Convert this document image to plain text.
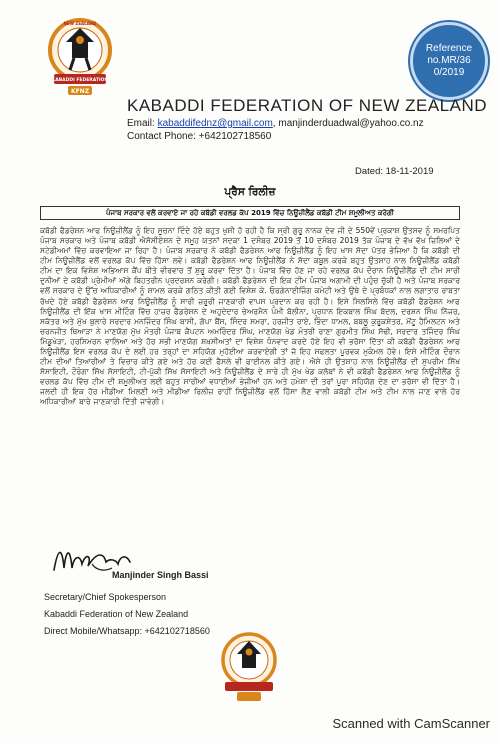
KABADDI FEDERATION
NEW ZEALAND
KFNZ
Reference
no.MR/36
0/2019
KABADDI FEDERATION OF NEW ZEALAND
Email: kabaddifednz@gmail.com, manjinderduadwal@yahoo.co.nz
Contact Phone: +642102718560
Dated: 18-11-2019
ਪ੍ਰੈਸ ਰਿਲੀਜ਼
ਪੰਜਾਬ ਸਰਕਾਰ ਵਲੋਂ ਕਰਵਾਏ ਜਾ ਰਹੇ ਕਬੱਡੀ ਵਰਲਡ ਕੱਪ 2019 ਵਿੱਚ ਨਿਊਜ਼ੀਲੈਂਡ ਕਬੱਡੀ ਟੀਮ ਸ਼ਮੂਲੀਅਤ ਕਰੇਗੀ
ਕਬੱਡੀ ਫੈਡਰੇਸ਼ਨ ਆਫ ਨਿਊਜ਼ੀਲੈਂਡ ਨੂੰ ਇਹ ਸੂਚਨਾ ਦਿੰਦੇ ਹੋਏ ਬਹੁਤ ਖੁਸ਼ੀ ਹੋ ਰਹੀ ਹੈ ਕਿ ਸ੍ਰੀ ਗੁਰੂ ਨਾਨਕ ਦੇਵ ਜੀ ਦੇ 550ਵੇਂ ਪ੍ਰਕਾਸ਼ ਉਤਸਵ ਨੂੰ ਸਮਰਪਿਤ ਪੰਜਾਬ ਸਰਕਾਰ ਅਤੇ ਪੰਜਾਬ ਕਬੱਡੀ ਐਸੋਸੀਏਸ਼ਨ ਦੇ ਸਮੂਹ ਯਤਨਾਂ ਸਦਕਾ 1 ਦਸੰਬਰ 2019 ਤੋਂ 10 ਦਸੰਬਰ 2019 ਤੱਕ ਪੰਜਾਬ ਦੇ ਵੱਖ ਵੱਖ ਜ਼ਿਲਿਆਂ ਦੇ ਸਟੇਡੀਅਮਾਂ ਵਿੱਚ ਕਰਵਾਇਆ ਜਾ ਰਿਹਾ ਹੈ। ਪੰਜਾਬ ਸਰਕਾਰ ਨੇ ਕਬੱਡੀ ਫੈਡਰੇਸ਼ਨ ਆਫ ਨਿਊਜ਼ੀਲੈਂਡ ਨੂੰ ਇਹ ਖਾਸ ਸੱਦਾ ਪੱਤਰ ਭੇਜਿਆ ਹੈ ਕਿ ਕਬੱਡੀ ਦੀ ਟੀਮ ਨਿਊਜ਼ੀਲੈਂਡ ਵਲੋਂ ਵਰਲਡ ਕੱਪ ਵਿੱਚ ਹਿੱਸਾ ਲਵੇ। ਕਬੱਡੀ ਫੈਡਰੇਸ਼ਨ ਆਫ ਨਿਊਜ਼ੀਲੈਂਡ ਨੇ ਸੱਦਾ ਕਬੂਲ ਕਰਕੇ ਬਹੁਤ ਉਤਸ਼ਾਹ ਨਾਲ ਨਿਊਜ਼ੀਲੈਂਡ ਕਬੱਡੀ ਟੀਮ ਦਾ ਇਕ ਵਿਸ਼ੇਸ਼ ਅਭਿਆਸ ਕੈਂਪ ਬੀਤੇ ਵੀਰਵਾਰ ਤੋਂ ਸ਼ੁਰੂ ਕਰਵਾ ਦਿੱਤਾ ਹੈ। ਪੰਜਾਬ ਵਿੱਚ ਹੋਣ ਜਾ ਰਹੇ ਵਰਲਡ ਕੱਪ ਦੌਰਾਨ ਨਿਊਜ਼ੀਲੈਂਡ ਦੀ ਟੀਮ ਸਾਰੀ ਦੁਨੀਆਂ ਦੇ ਕਬੱਡੀ ਪ੍ਰੇਮੀਆਂ ਅੱਗੇ ਬਿਹਤਰੀਨ ਪ੍ਰਦਰਸ਼ਨ ਕਰੇਗੀ। ਕਬੱਡੀ ਫੈਡਰੇਸ਼ਨ ਦੀ ਇਕ ਟੀਮ ਪੰਜਾਬ ਅਗਾਮੀ ਦੀ ਪਹੁੰਚ ਚੁੱਕੀ ਹੈ ਅਤੇ ਪੰਜਾਬ ਸਰਕਾਰ ਵਲੋਂ ਸਰਕਾਰ ਦੇ ਉੱਚ ਅਧਿਕਾਰੀਆਂ ਨੂੰ ਸ਼ਾਮਲ ਕਰਕੇ ਗਠਿਤ ਕੀਤੀ ਗਈ ਵਿਸ਼ੇਸ਼ ਕੇ. ਓਰਗੇਨਾਈਜ਼ਿੰਗ ਕਮੇਟੀ ਅਤੇ ਉਥੇ ਦੇ ਪ੍ਰਬੰਧਕਾਂ ਨਾਲ ਲਗਾਤਾਰ ਰਾਬਤਾ ਰੱਖਦੇ ਹੋਏ ਕਬੱਡੀ ਫੈਡਰੇਸ਼ਨ ਆਫ ਨਿਊਜ਼ੀਲੈਂਡ ਨੂੰ ਸਾਰੀ ਜ਼ਰੂਰੀ ਜਾਣਕਾਰੀ ਵਾਪਸ ਪ੍ਰਦਾਨ ਕਰ ਰਹੀ ਹੈ। ਇਸੇ ਸਿਲਸਿਲੇ ਵਿੱਚ ਕਬੱਡੀ ਫੈਡਰੇਸ਼ਨ ਆਫ ਨਿਊਜ਼ੀਲੈਂਡ ਦੀ ਇੱਕ ਖਾਸ ਮੀਟਿੰਗ ਵਿੱਚ ਹਾਜ਼ਰ ਫੈਡਰੇਸ਼ਨ ਦੇ ਅਹੁਦੇਦਾਰ ਚੇਅਰਮੈਨ ਪੰਮੀ ਬੋਲੀਨਾ, ਪ੍ਰਧਾਨ ਇਕਬਾਲ ਸਿੰਘ ਬੋਦਲ, ਦਰਸ਼ਨ ਸਿੰਘ ਨਿੱਜਰ, ਸਕੱਤਰ ਅਤੇ ਮੁੱਖ ਬੁਲਾਰੇ ਸਰਦਾਰ ਮਨਜਿੰਦਰ ਸਿੰਘ ਬਾਸੀ, ਗੋਪਾ ਬੈਂਸ, ਸਿੰਦਰ ਸਮਰਾ, ਹਰਜੀਤ ਰਾਏ, ਭਿੰਦਾ ਧਾਮਲ, ਬਬਲੂ ਕੁਰੂਕਸ਼ੇਤਰ, ਮੋਂਟੂ ਹੈਮਿਲਟਨ ਅਤੇ ਚਰਨਜੀਤ ਥਿਆੜਾ ਨੇ ਮਾਣਯੋਗ ਮੁੱਖ ਮੰਤਰੀ ਪੰਜਾਬ ਕੈਪਟਨ ਅਮਰਿੰਦਰ ਸਿੰਘ, ਮਾਣਯੋਗ ਖੇਡ ਮੰਤਰੀ ਰਾਣਾ ਗੁਰਮੀਤ ਸਿੰਘ ਸੋਢੀ, ਸਰਦਾਰ ਤਜਿੰਦਰ ਸਿੰਘ ਮਿੱਡੂਖੇੜਾ, ਹਰਸਿਮਰਨ ਵਾਲਿਆ ਅਤੇ ਹੋਰ ਸਭੀ ਮਾਣਯੋਗ ਸ਼ਖ਼ਸੀਅਤਾਂ ਦਾ ਵਿਸ਼ੇਸ਼ ਧੰਨਵਾਦ ਕਰਦੇ ਹੋਏ ਇਹ ਵੀ ਭਰੋਸਾ ਦਿੱਤਾ ਕੀ ਕਬੱਡੀ ਫੈਡਰੇਸ਼ਨ ਆਫ ਨਿਊਜ਼ੀਲੈਂਡ ਇਸ ਵਰਲਡ ਕੱਪ ਦੇ ਲਈ ਹਰ ਤਰ੍ਹਾਂ ਦਾ ਸਹਿਯੋਗ ਮੁਹੱਈਆ ਕਰਵਾਏਗੀ ਤਾਂ ਜੋ ਇਹ ਸਫਲਤਾ ਪੂਰਵਕ ਮੁਕੰਮਲ ਹੋਵੇ। ਇਸੇ ਮੀਟਿੰਗ ਦੌਰਾਨ ਟੀਮ ਦੀਆਂ ਤਿਆਰੀਆਂ ਤੇ ਵਿਚਾਰ ਕੀਤੇ ਗਏ ਅਤੇ ਹੋਰ ਕਈ ਫੈਸਲੇ ਵੀ ਫਾਈਨਲ ਕੀਤੇ ਗਏ। ਐਸੇ ਹੀ ਉਤਸ਼ਾਹ ਨਾਲ ਨਿਊਜ਼ੀਲੈਂਡ ਦੀ ਸੁਪਰੀਮ ਸਿੱਖ ਸੋਸਾਇਟੀ, ਟੌਰੰਗਾ ਸਿੱਖ ਸੋਸਾਇਟੀ, ਟੀ-ਪੁੱਕੀ ਸਿੱਖ ਸੋਸਾਇਟੀ ਅਤੇ ਨਿਊਜ਼ੀਲੈਂਡ ਦੇ ਸਾਰੇ ਹੀ ਮੁੱਖ ਖੇਡ ਕਲੱਬਾਂ ਨੇ ਵੀ ਕਬੱਡੀ ਫੈਡਰੇਸ਼ਨ ਆਫ ਨਿਊਜ਼ੀਲੈਂਡ ਨੂੰ ਵਰਲਡ ਕੱਪ ਵਿੱਚ ਟੀਮ ਦੀ ਸ਼ਮੂਲੀਅਤ ਲਈ ਬਹੁਤ ਸਾਰੀਆਂ ਵਧਾਈਆਂ ਭੇਜੀਆਂ ਹਨ ਅਤੇ ਹਮੇਸ਼ਾ ਦੀ ਤਰਾਂ ਪੂਰਾ ਸਹਿਯੋਗ ਦੇਣ ਦਾ ਭਰੋਸਾ ਵੀ ਦਿੱਤਾ ਹੈ। ਜਲਦੀ ਹੀ ਇਕ ਹੋਰ ਮੀਡੀਆ ਮਿਲਣੀ ਅਤੇ ਮੀਡੀਆ ਰਿਲੀਜ਼ ਰਾਹੀਂ ਨਿਊਜ਼ੀਲੈਂਡ ਵਲੋਂ ਹਿੱਸਾ ਲੈਣ ਵਾਲੀ ਕਬੱਡੀ ਟੀਮ ਅਤੇ ਟੀਮ ਨਾਲ ਜਾਣ ਵਾਲੇ ਹੋਰ ਅਧਿਕਾਰੀਆਂ ਬਾਰੇ ਜਾਣਕਾਰੀ ਦਿੱਤੀ ਜਾਵੇਗੀ।
Manjinder Singh Bassi
Secretary/Chief Spokesperson
Kabaddi Federation of New Zealand
Direct Mobile/Whatsapp: +642102718560
Scanned with CamScanner
